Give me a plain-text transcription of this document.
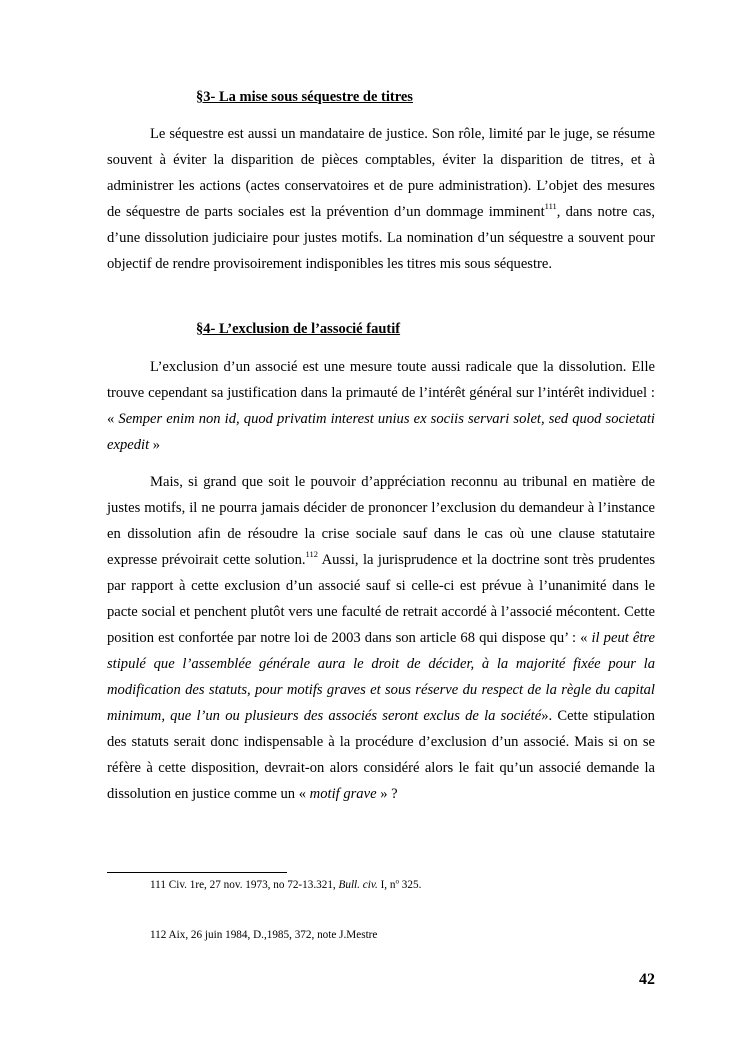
§3- La mise sous séquestre de titres

Le séquestre est aussi un mandataire de justice. Son rôle, limité par le juge, se résume souvent à éviter la disparition de pièces comptables, éviter la disparition de titres, et à administrer les actions (actes conservatoires et de pure administration). L’objet des mesures de séquestre de parts sociales est la prévention d’un dommage imminent$^{111}$, dans notre cas, d’une dissolution judiciaire pour justes motifs. La nomination d’un séquestre a souvent pour objectif de rendre provisoirement indisponibles les titres mis sous séquestre.

§4- L’exclusion de l’associé fautif

L’exclusion d’un associé est une mesure toute aussi radicale que la dissolution. Elle trouve cependant sa justification dans la primauté de l’intérêt général sur l’intérêt individuel : « Semper enim non id, quod privatim interest unius ex sociis servari solet, sed quod societati expedit »

Mais, si grand que soit le pouvoir d’appréciation reconnu au tribunal en matière de justes motifs, il ne pourra jamais décider de prononcer l’exclusion du demandeur à l’instance en dissolution afin de résoudre la crise sociale sauf dans le cas où une clause statutaire expresse prévoirait cette solution.$^{112}$ Aussi, la jurisprudence et la doctrine sont très prudentes par rapport à cette exclusion d’un associé sauf si celle-ci est prévue à l’unanimité dans le pacte social et penchent plutôt vers une faculté de retrait accordé à l’associé mécontent. Cette position est confortée par notre loi de 2003 dans son article 68 qui dispose qu’ : « il peut être stipulé que l’assemblée générale aura le droit de décider, à la majorité fixée pour la modification des statuts, pour motifs graves et sous réserve du respect de la règle du capital minimum, que l’un ou plusieurs des associés seront exclus de la société». Cette stipulation des statuts serait donc indispensable à la procédure d’exclusion d’un associé. Mais si on se réfère à cette disposition, devrait-on alors considéré alors le fait qu’un associé demande la dissolution en justice comme un « motif grave » ?

111 Civ. 1re, 27 nov. 1973, no 72-13.321, Bull. civ. I, $n^o$ 325.
112 Aix, 26 juin 1984, D.,1985, 372, note J.Mestre
42
